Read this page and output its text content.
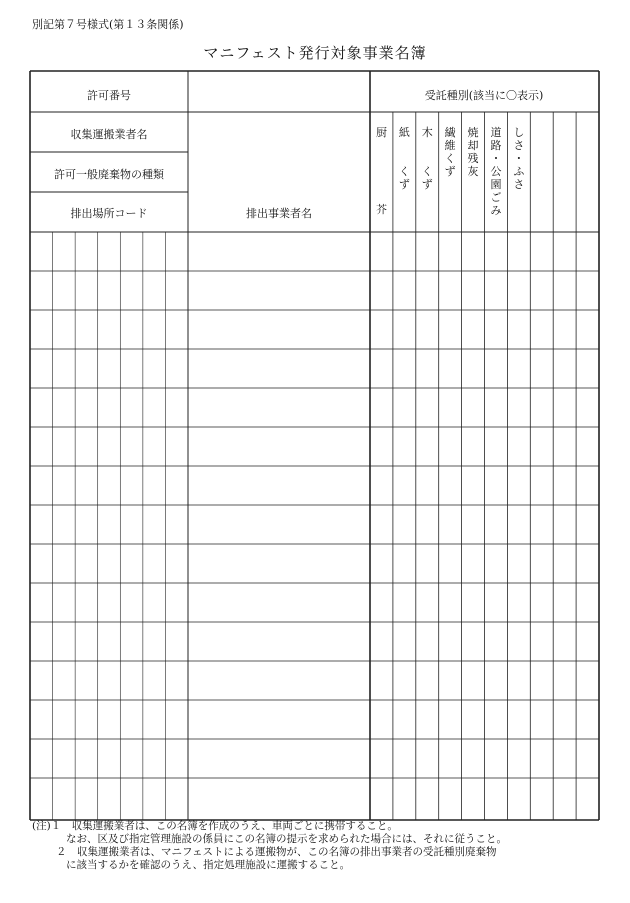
別記第７号様式(第１３条関係)
マニフェスト発行対象事業名簿
許可番号
収集運搬業者名
許可一般廃棄物の種類
排出場所コード	排出事業者名
受託種別(該当に〇表示)
厨
芥
紙
く
ず
木
く
ず
繊
維
く
ず
焼
却
残
灰
道
路
・
公
園
ご
み
し
さ
・
ふ
さ
(注)１　収集運搬業者は、この名簿を作成のうえ、車両ごとに携帯すること。
なお、区及び指定管理施設の係員にこの名簿の提示を求められた場合には、それに従うこと。
２　収集運搬業者は、マニフェストによる運搬物が、この名簿の排出事業者の受託種別廃棄物
に該当するかを確認のうえ、指定処理施設に運搬すること。
